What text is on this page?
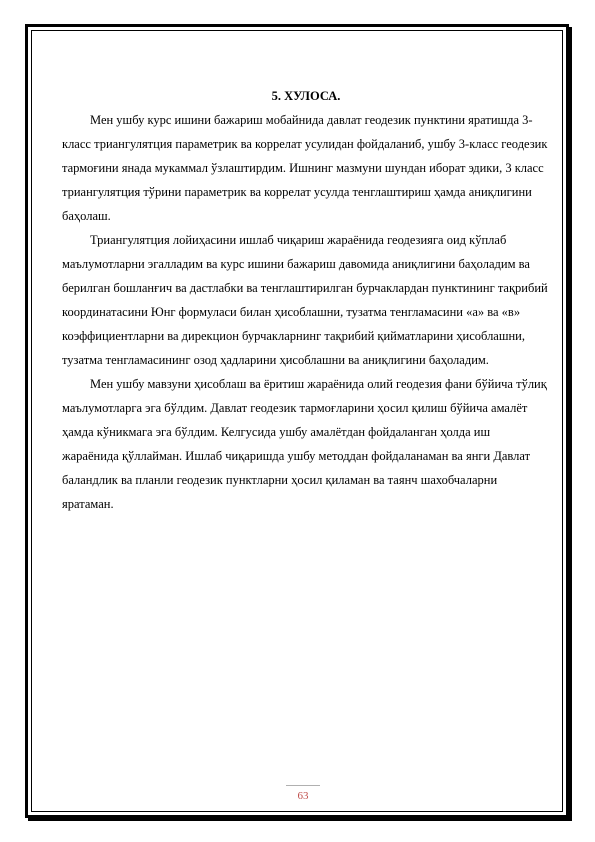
5. ХУЛОСА.

Мен ушбу курс ишини бажариш мобайнида давлат геодезик пунктини яратишда 3-класс триангулятция параметрик ва коррелат усулидан фойдаланиб, ушбу 3-класс геодезик тармоғини янада мукаммал ўзлаштирдим. Ишнинг мазмуни шундан иборат эдики, 3 класс триангулятция тўрини параметрик ва коррелат усулда тенглаштириш ҳамда аниқлигини баҳолаш.

Триангулятция лойиҳасини ишлаб чиқариш жараёнида геодезияга оид кўплаб маълумотларни эгалладим ва курс ишини бажариш давомида аниқлигини баҳоладим ва берилган бошланғич ва дастлабки ва тенглаштирилган бурчаклардан пунктининг тақрибий координатасини Юнг формуласи билан ҳисоблашни, тузатма тенгламасини «а» ва «в» коэффициентларни ва дирекцион бурчакларнинг тақрибий қийматларини ҳисоблашни, тузатма тенгламасининг озод ҳадларини ҳисоблашни ва аниқлигини баҳоладим.

Мен ушбу мавзуни ҳисоблаш ва ёритиш жараёнида олий геодезия фани бўйича тўлиқ маълумотларга эга бўлдим. Давлат геодезик тармоғларини ҳосил қилиш бўйича амалёт ҳамда кўникмага эга бўлдим. Келгусида ушбу амалётдан фойдаланган ҳолда иш жараёнида қўллайман. Ишлаб чиқаришда ушбу методдан фойдаланаман ва янги Давлат баландлик ва планли геодезик пунктларни ҳосил қиламан ва таянч шахобчаларни яратаман.

63
